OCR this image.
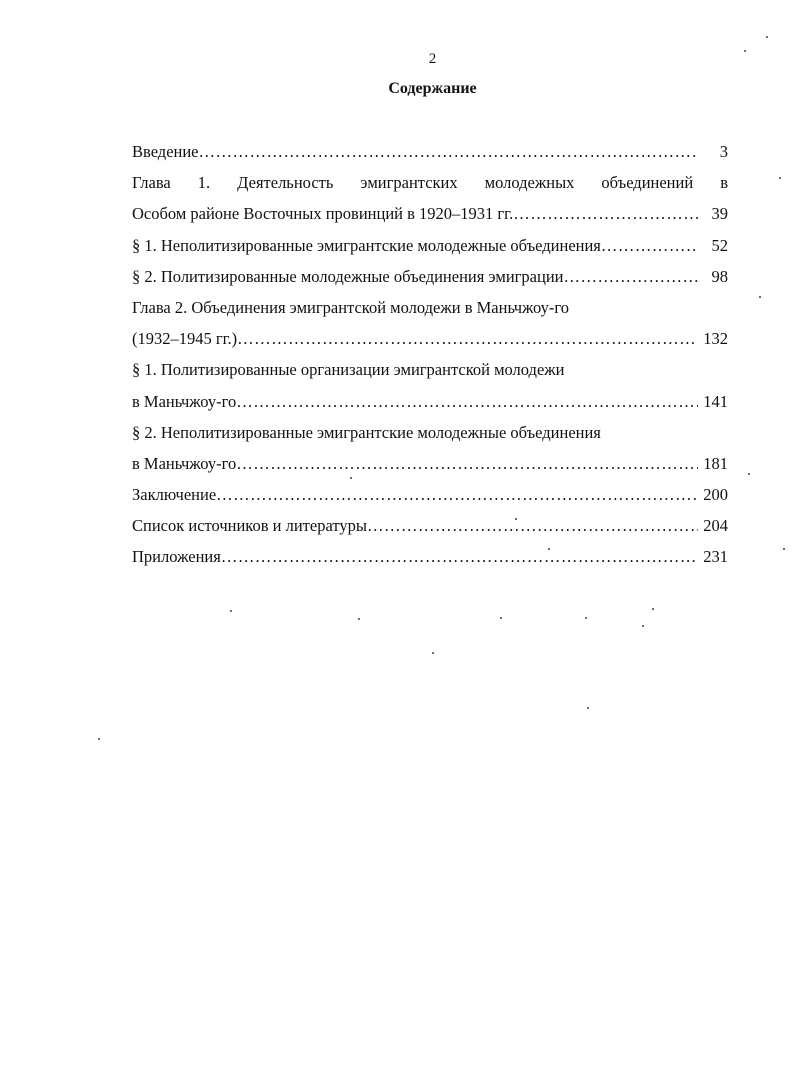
2
Содержание
Введение ……………………………………………………………………………………………………………………………………	3
Глава 1. Деятельность эмигрантских молодежных объединений в
Особом районе Восточных провинций в 1920–1931 гг. ……………………………………………………………………………………………………………………………………	39
§ 1. Неполитизированные эмигрантские молодежные объединения ……………………………………………………………………………………………………………………………………	52
§ 2. Политизированные молодежные объединения эмиграции ……………………………………………………………………………………………………………………………………	98
Глава 2. Объединения эмигрантской молодежи в Маньчжоу-го
(1932–1945 гг.) ……………………………………………………………………………………………………………………………………	132
§ 1. Политизированные организации эмигрантской молодежи
в Маньчжоу-го ……………………………………………………………………………………………………………………………………	141
§ 2. Неполитизированные эмигрантские молодежные объединения
в Маньчжоу-го ……………………………………………………………………………………………………………………………………	181
Заключение ……………………………………………………………………………………………………………………………………	200
Список источников и литературы ……………………………………………………………………………………………………………………………………	204
Приложения ……………………………………………………………………………………………………………………………………	231
